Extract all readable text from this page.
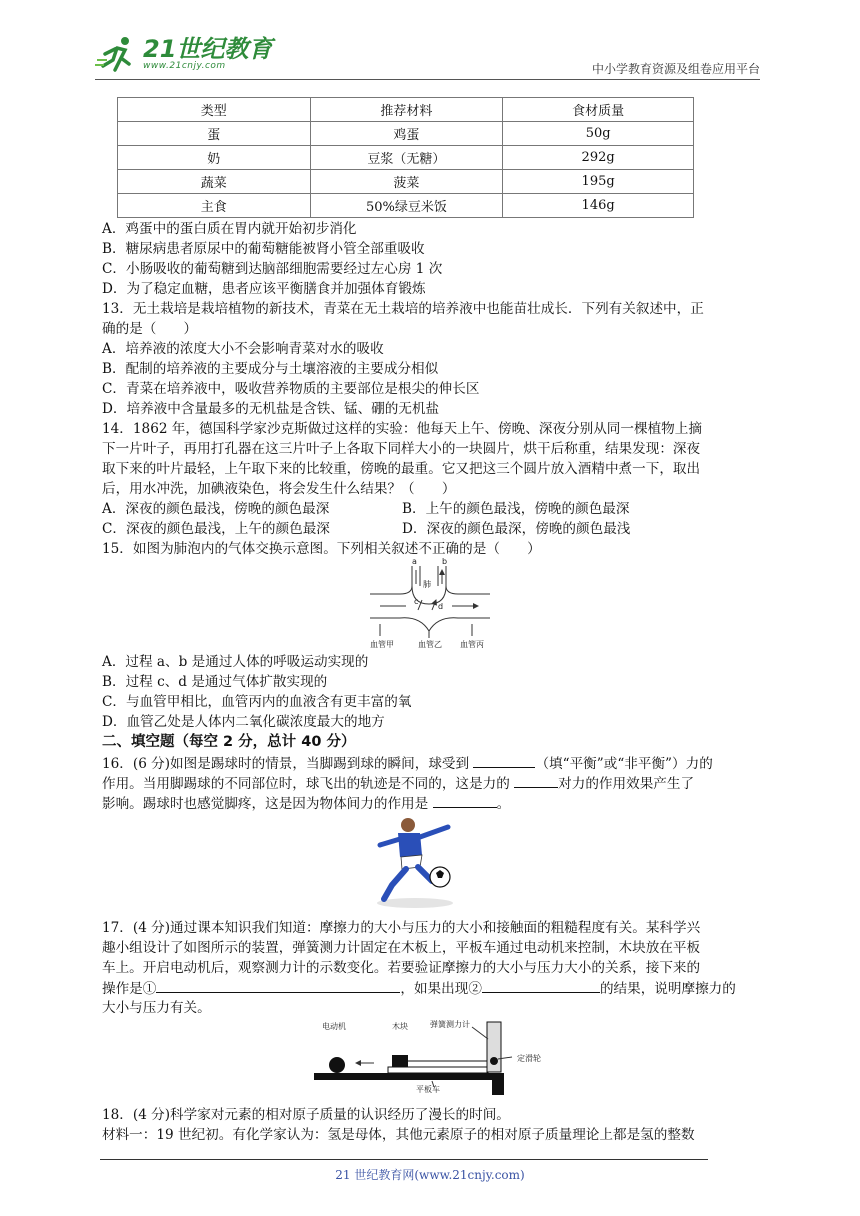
21世纪教育
www.21cnjy.com	中小学教育资源及组卷应用平台
类型	推荐材料	食材质量
蛋	鸡蛋	50g
奶	豆浆（无糖）	292g
蔬菜	菠菜	195g
主食	50%绿豆米饭	146g
A．鸡蛋中的蛋白质在胃内就开始初步消化
B．糖尿病患者原尿中的葡萄糖能被肾小管全部重吸收
C．小肠吸收的葡萄糖到达脑部细胞需要经过左心房 1 次
D．为了稳定血糖，患者应该平衡膳食并加强体育锻炼
13．无土栽培是栽培植物的新技术，青菜在无土栽培的培养液中也能苗壮成长．下列有关叙述中，正
确的是（　　）
A．培养液的浓度大小不会影响青菜对水的吸收
B．配制的培养液的主要成分与土壤溶液的主要成分相似
C．青菜在培养液中，吸收营养物质的主要部位是根尖的伸长区
D．培养液中含量最多的无机盐是含铁、锰、硼的无机盐
14．1862 年，德国科学家沙克斯做过这样的实验：他每天上午、傍晚、深夜分别从同一棵植物上摘
下一片叶子，再用打孔器在这三片叶子上各取下同样大小的一块圆片，烘干后称重，结果发现：深夜
取下来的叶片最轻，上午取下来的比较重，傍晚的最重。它又把这三个圆片放入酒精中煮一下，取出
后，用水冲洗，加碘液染色，将会发生什么结果？（　　）
A．深夜的颜色最浅，傍晚的颜色最深	B．上午的颜色最浅，傍晚的颜色最深
C．深夜的颜色最浅，上午的颜色最深	D．深夜的颜色最深，傍晚的颜色最浅
15．如图为肺泡内的气体交换示意图。下列相关叙述不正确的是（　　）
a	b
肺
c
d
血管甲	血管乙 血管丙
A．过程 a、b 是通过人体的呼吸运动实现的
B．过程 c、d 是通过气体扩散实现的
C．与血管甲相比，血管丙内的血液含有更丰富的氧
D．血管乙处是人体内二氧化碳浓度最大的地方
二、填空题（每空 2 分，总计 40 分）
16．(6 分)如图是踢球时的情景，当脚踢到球的瞬间，球受到	（填“平衡”或“非平衡”）力的
作用。当用脚踢球的不同部位时，球飞出的轨迹是不同的，这是力的	对力的作用效果产生了
影响。踢球时也感觉脚疼，这是因为物体间力的作用是	。
17．(4 分)通过课本知识我们知道：摩擦力的大小与压力的大小和接触面的粗糙程度有关。某科学兴
趣小组设计了如图所示的装置，弹簧测力计固定在木板上，平板车通过电动机来控制，木块放在平板
车上。开启电动机后，观察测力计的示数变化。若要验证摩擦力的大小与压力大小的关系，接下来的
操作是①	，如果出现②	的结果，说明摩擦力的
大小与压力有关。
电动机	木块	弹簧测力计
定滑轮
平板车
18．(4 分)科学家对元素的相对原子质量的认识经历了漫长的时间。
材料一：19 世纪初。有化学家认为：氢是母体，其他元素原子的相对原子质量理论上都是氢的整数
21 世纪教育网(www.21cnjy.com)
